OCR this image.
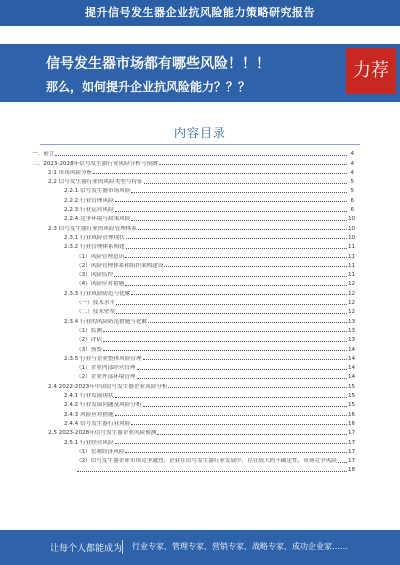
提升信号发生器企业抗风险能力策略研究报告
信号发生器市场都有哪些风险！！！
那么，如何提升企业抗风险能力？？？
力荐
内容目录
一、前言	4
二、2023-2028年信号发生器行业风险分析与预测	4
2.1 市场风险分析	4
2.2 信号发生器行业的风险类型与特征	5
2.2.1 信号发生器市场风险	5
2.2.2 行业管理风险	6
2.2.3 行业运营风险	6
2.2.4 竞争环境与政策风险	10
2.3 信号发生器行业的风险管理体系	10
2.3.1 行业风险管理现状	10
2.3.2 行业管理体系构建	11
（1）风险管理意识	11
（2）风险管理体系和组织架构建设	11
（3）风险监控	11
（4）风险应对措施	12
2.3.3 行业风险防范与化解	12
（一）技术水平	12
（二）技术壁垒	12
2.3.4 行业的风险防范措施与化解	13
（1）监测	13
（2）评估	13
（3）预警	14
2.3.5 行业与企业整体风险管理	14
（1）企业内部经营管理	14
（2）企业外部环境管理	14
2.4 2022-2023年中国信号发生器企业风险分析	15
2.4.1 行业发展现状	15
2.4.2 行业发展问题及风险分析	15
2.4.3 风险应对措施	16
2.4.4 信号发生器行业风险	16
2.5 2023-2028年信号发生器企业风险预测	17
2.5.1 行业经营风险	17
（1）宏观经济风险	17
（2）信号发生器企业市场竞争激烈，企业在信号发生器行业发展中，存在较大的不确定性，市场竞争风险 17
18
让每个人都能成为 行业专家、管理专家、营销专家、战略专家、成功企业家……
